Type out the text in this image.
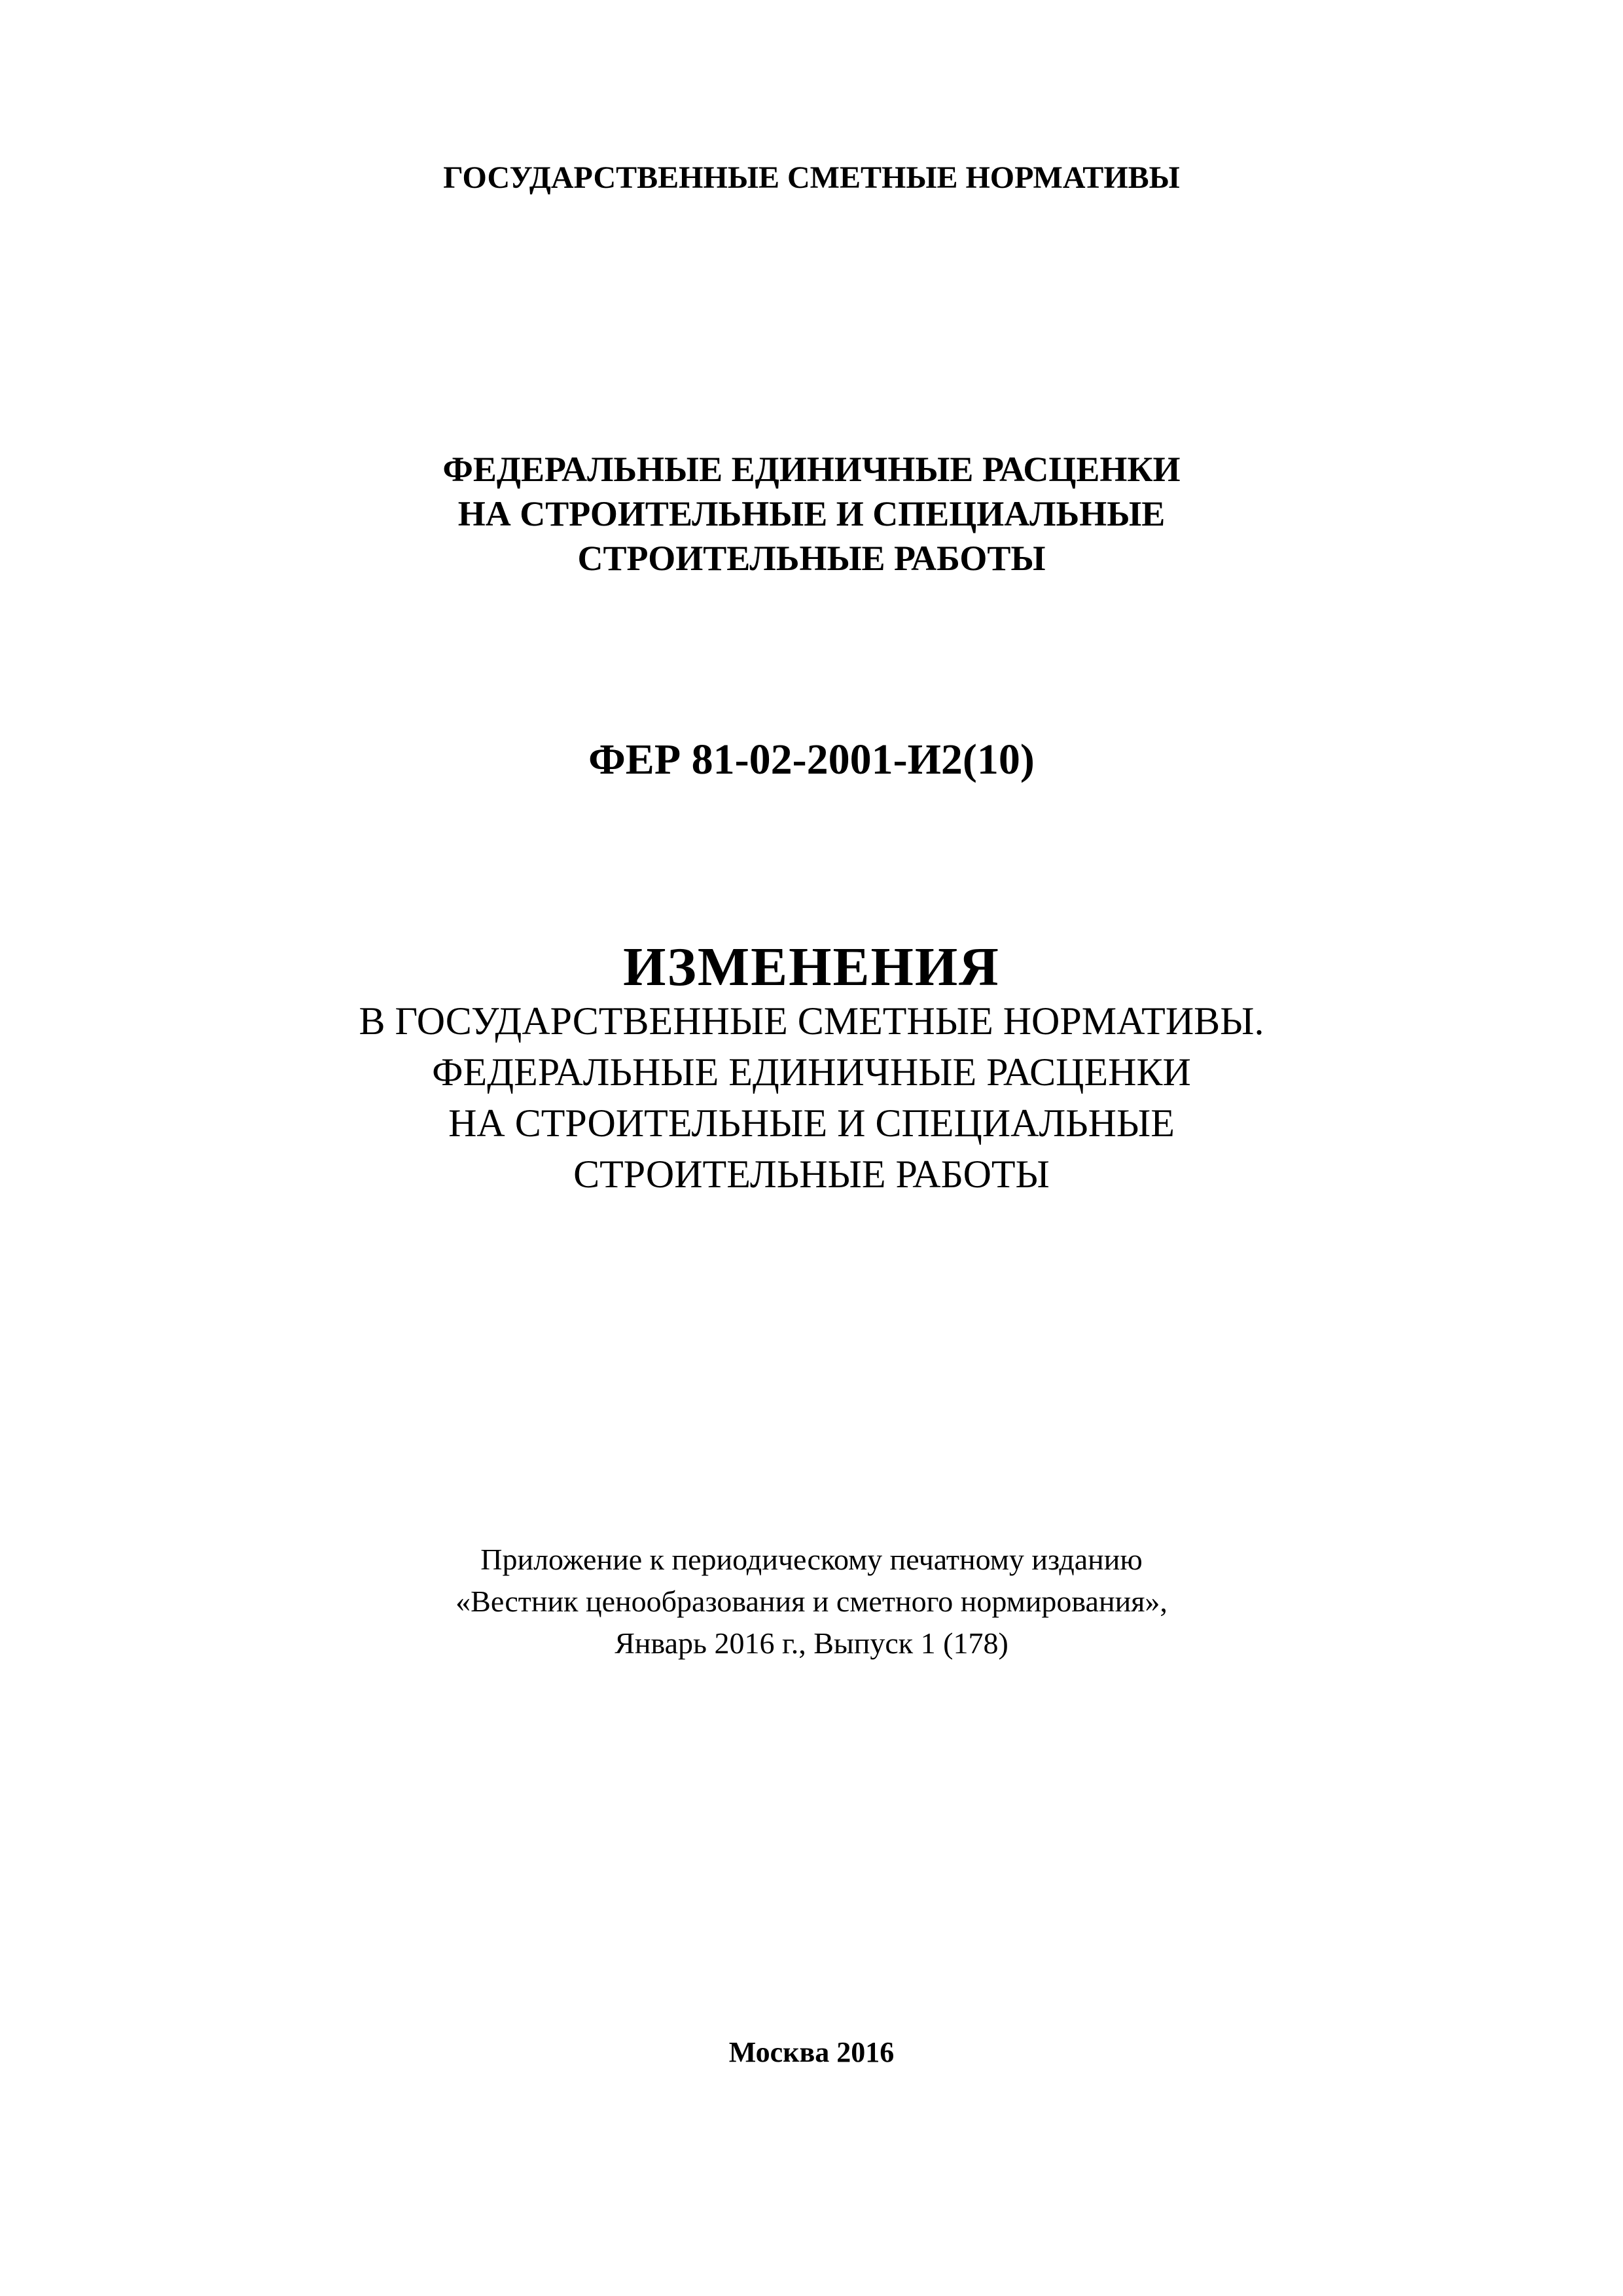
ГОСУДАРСТВЕННЫЕ СМЕТНЫЕ НОРМАТИВЫ
ФЕДЕРАЛЬНЫЕ ЕДИНИЧНЫЕ РАСЦЕНКИ
НА СТРОИТЕЛЬНЫЕ И СПЕЦИАЛЬНЫЕ
СТРОИТЕЛЬНЫЕ РАБОТЫ
ФЕР 81-02-2001-И2(10)
ИЗМЕНЕНИЯ
В ГОСУДАРСТВЕННЫЕ СМЕТНЫЕ НОРМАТИВЫ.
ФЕДЕРАЛЬНЫЕ ЕДИНИЧНЫЕ РАСЦЕНКИ
НА СТРОИТЕЛЬНЫЕ И СПЕЦИАЛЬНЫЕ
СТРОИТЕЛЬНЫЕ РАБОТЫ
Приложение к периодическому печатному изданию
«Вестник ценообразования и сметного нормирования»,
Январь 2016 г., Выпуск 1 (178)
Москва 2016
